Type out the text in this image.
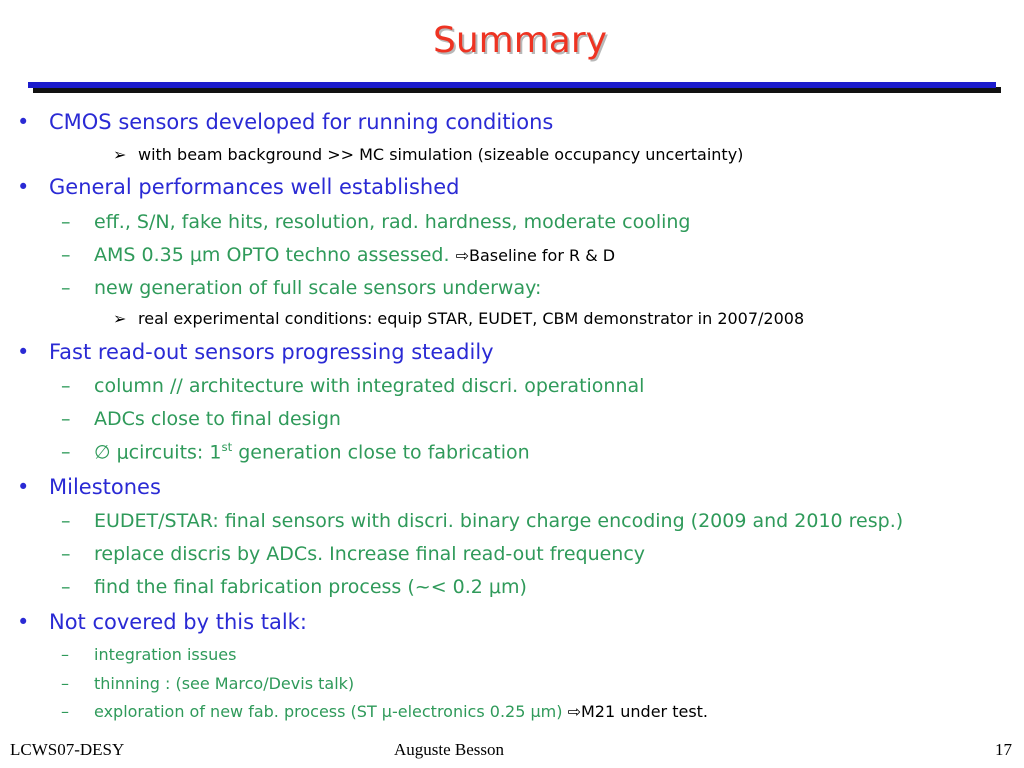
Summary
• CMOS sensors developed for running conditions
➢ with beam background >> MC simulation (sizeable occupancy uncertainty)
• General performances well established
– eff., S/N, fake hits, resolution, rad. hardness, moderate cooling
– AMS 0.35 μm OPTO techno assessed. ⇨Baseline for R & D
– new generation of full scale sensors underway:
➢ real experimental conditions: equip STAR, EUDET, CBM demonstrator in 2007/2008
• Fast read-out sensors progressing steadily
– column // architecture with integrated discri. operationnal
– ADCs close to final design
– ∅ μcircuits: 1st generation close to fabrication
• Milestones
– EUDET/STAR: final sensors with discri. binary charge encoding (2009 and 2010 resp.)
– replace discris by ADCs. Increase final read-out frequency
– find the final fabrication process (~< 0.2 μm)
• Not covered by this talk:
– integration issues
– thinning : (see Marco/Devis talk)
– exploration of new fab. process (ST μ-electronics 0.25 μm) ⇨M21 under test.
LCWS07-DESY	Auguste Besson	17
